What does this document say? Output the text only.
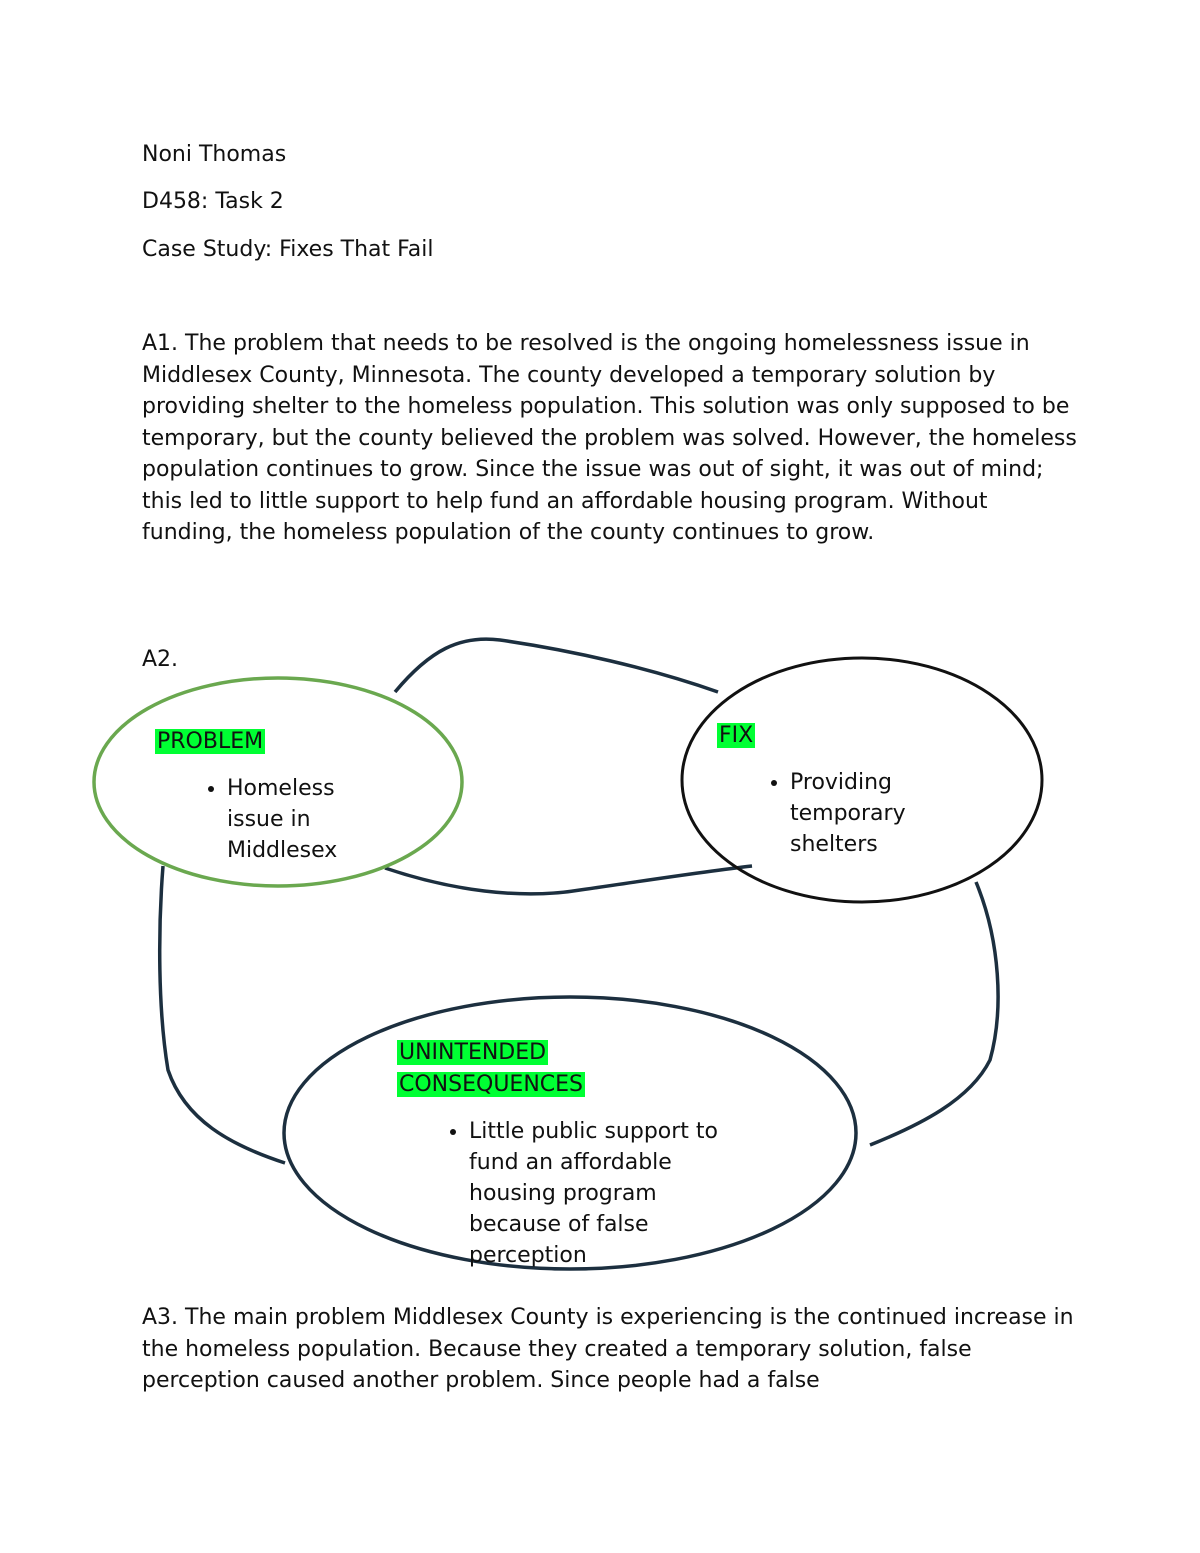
Noni Thomas
D458: Task 2
Case Study: Fixes That Fail
A1. The problem that needs to be resolved is the ongoing homelessness issue in Middlesex County, Minnesota. The county developed a temporary solution by providing shelter to the homeless population. This solution was only supposed to be temporary, but the county believed the problem was solved. However, the homeless population continues to grow. Since the issue was out of sight, it was out of mind; this led to little support to help fund an affordable housing program. Without funding, the homeless population of the county continues to grow.
A2.
PROBLEM
• Homeless issue in Middlesex
FIX
• Providing temporary shelters
UNINTENDED
CONSEQUENCES
• Little public support to fund an affordable housing program because of false perception
A3. The main problem Middlesex County is experiencing is the continued increase in the homeless population. Because they created a temporary solution, false perception caused another problem. Since people had a false
